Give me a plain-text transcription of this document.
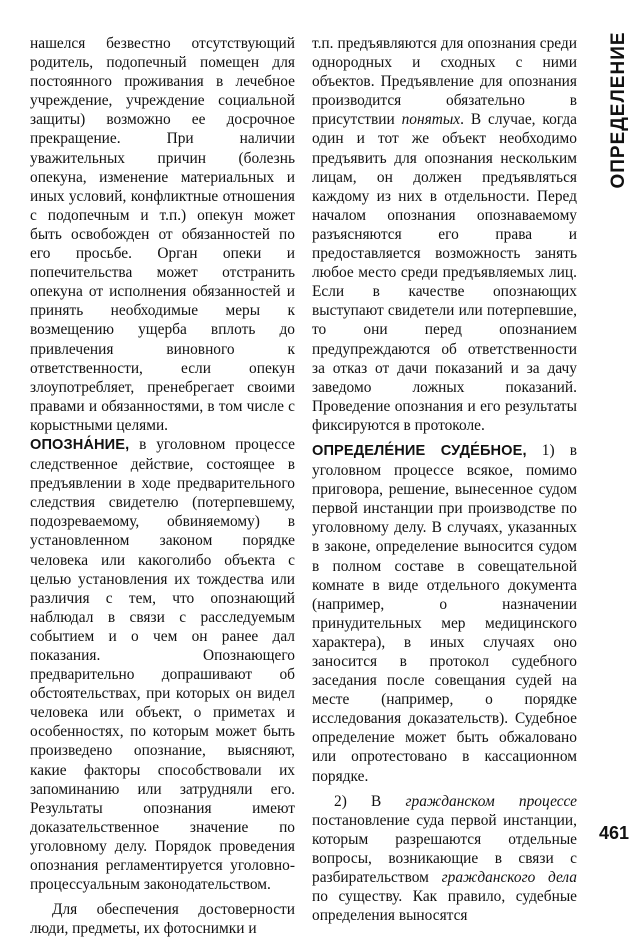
нашелся безвестно отсутствующий родитель, подопечный помещен для постоянного проживания в лечебное учреждение, учреждение социальной защиты) возможно ее досрочное прекращение. При наличии уважительных причин (болезнь опекуна, изменение материальных и иных условий, конфликтные отношения с подопечным и т.п.) опекун может быть освобожден от обязанностей по его просьбе. Орган опеки и попечительства может отстранить опекуна от исполнения обязанностей и принять необходимые меры к возмещению ущерба вплоть до привлечения виновного к ответственности, если опекун злоупотребляет, пренебрегает своими правами и обязанностями, в том числе с корыстными целями.

ОПОЗНА́НИЕ, в уголовном процессе следственное действие, состоящее в предъявлении в ходе предварительного следствия свидетелю (потерпевшему, подозреваемому, обвиняемому) в установленном законом порядке человека или какоголибо объекта с целью установления их тождества или различия с тем, что опознающий наблюдал в связи с расследуемым событием и о чем он ранее дал показания. Опознающего предварительно допрашивают об обстоятельствах, при которых он видел человека или объект, о приметах и особенностях, по которым может быть произведено опознание, выясняют, какие факторы способствовали их запоминанию или затрудняли его. Результаты опознания имеют доказательственное значение по уголовному делу. Порядок проведения опознания регламентируется уголовно-процессуальным законодательством.

Для обеспечения достоверности люди, предметы, их фотоснимки и

т.п. предъявляются для опознания среди однородных и сходных с ними объектов. Предъявление для опознания производится обязательно в присутствии понятых. В случае, когда один и тот же объект необходимо предъявить для опознания нескольким лицам, он должен предъявляться каждому из них в отдельности. Перед началом опознания опознаваемому разъясняются его права и предоставляется возможность занять любое место среди предъявляемых лиц. Если в качестве опознающих выступают свидетели или потерпевшие, то они перед опознанием предупреждаются об ответственности за отказ от дачи показаний и за дачу заведомо ложных показаний. Проведение опознания и его результаты фиксируются в протоколе.

ОПРЕДЕЛЕ́НИЕ СУДЕ́БНОЕ, 1) в уголовном процессе всякое, помимо приговора, решение, вынесенное судом первой инстанции при производстве по уголовному делу. В случаях, указанных в законе, определение выносится судом в полном составе в совещательной комнате в виде отдельного документа (например, о назначении принудительных мер медицинского характера), в иных случаях оно заносится в протокол судебного заседания после совещания судей на месте (например, о порядке исследования доказательств). Судебное определение может быть обжаловано или опротестовано в кассационном порядке.

2) В гражданском процессе постановление суда первой инстанции, которым разрешаются отдельные вопросы, возникающие в связи с разбирательством гражданского дела по существу. Как правило, судебные определения выносятся

ОПРЕДЕЛЕНИЕ
461
